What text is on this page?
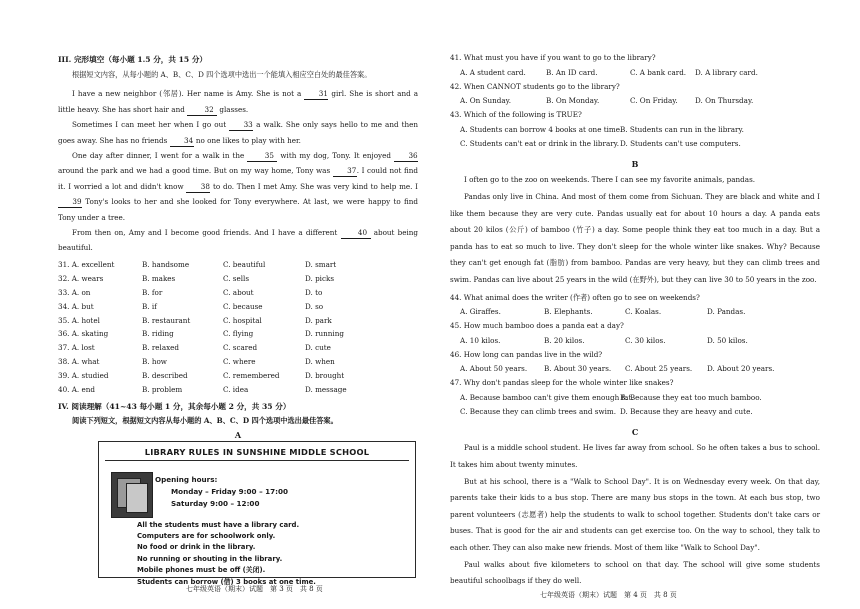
III. 完形填空（每小题 1.5 分，共 15 分）

根据短文内容，从每小题的 A、B、C、D 四个选项中选出一个能填入相应空白处的最佳答案。

I have a new neighbor (邻居). Her name is Amy. She is not a 31 girl. She is short and a little heavy. She has short hair and 32 glasses.

Sometimes I can meet her when I go out 33 a walk. She only says hello to me and then goes away. She has no friends 34 no one likes to play with her.

One day after dinner, I went for a walk in the 35 with my dog, Tony. It enjoyed 36 around the park and we had a good time. But on my way home, Tony was 37. I could not find it. I worried a lot and didn't know 38 to do. Then I met Amy. She was very kind to help me. I 39 Tony's looks to her and she looked for Tony everywhere. At last, we were happy to find Tony under a tree.

From then on, Amy and I become good friends. And I have a different 40 about being beautiful.

31. A. excellent	B. handsome	C. beautiful	D. smart
32. A. wears	B. makes	C. sells	D. picks
33. A. on	B. for	C. about	D. to
34. A. but	B. if	C. because	D. so
35. A. hotel	B. restaurant	C. hospital	D. park
36. A. skating	B. riding	C. flying	D. running
37. A. lost	B. relaxed	C. scared	D. cute
38. A. what	B. how	C. where	D. when
39. A. studied	B. described	C. remembered	D. brought
40. A. end	B. problem	C. idea	D. message
IV. 阅读理解（41~43 每小题 1 分，其余每小题 2 分，共 35 分）
阅读下列短文，根据短文内容从每小题的 A、B、C、D 四个选项中选出最佳答案。
A
LIBRARY RULES IN SUNSHINE MIDDLE SCHOOL
Opening hours:
Monday – Friday 9:00 – 17:00
Saturday 9:00 – 12:00
All the students must have a library card.
Computers are for schoolwork only.
No food or drink in the library.
No running or shouting in the library.
Mobile phones must be off (关闭).
Students can borrow (借) 3 books at one time.
七年级英语（期末）试题　第 3 页　共 8 页
41. What must you have if you want to go to the library?
A. A student card.	B. An ID card.	C. A bank card.	D. A library card.
42. When CANNOT students go to the library?
A. On Sunday.	B. On Monday.	C. On Friday.	D. On Thursday.
43. Which of the following is TRUE?
A. Students can borrow 4 books at one time.
B. Students can run in the library.
C. Students can't eat or drink in the library. D. Students can't use computers.
B

I often go to the zoo on weekends. There I can see my favorite animals, pandas.

Pandas only live in China. And most of them come from Sichuan. They are black and white and I like them because they are very cute. Pandas usually eat for about 10 hours a day. A panda eats about 20 kilos (公斤) of bamboo (竹子) a day. Some people think they eat too much in a day. But a panda has to eat so much to live. They don't sleep for the whole winter like snakes. Why? Because they can't get enough fat (脂肪) from bamboo. Pandas are very heavy, but they can climb trees and swim. Pandas can live about 25 years in the wild (在野外), but they can live 30 to 50 years in the zoo.

44. What animal does the writer (作者) often go to see on weekends?
A. Giraffes.	B. Elephants.	C. Koalas.	D. Pandas.
45. How much bamboo does a panda eat a day?
A. 10 kilos.	B. 20 kilos.	C. 30 kilos.	D. 50 kilos.
46. How long can pandas live in the wild?
A. About 50 years.	B. About 30 years.	C. About 25 years.	D. About 20 years.
47. Why don't pandas sleep for the whole winter like snakes?
A. Because bamboo can't give them enough fat.
B. Because they eat too much bamboo.
C. Because they can climb trees and swim. D. Because they are heavy and cute.
C

Paul is a middle school student. He lives far away from school. So he often takes a bus to school. It takes him about twenty minutes.

But at his school, there is a "Walk to School Day". It is on Wednesday every week. On that day, parents take their kids to a bus stop. There are many bus stops in the town. At each bus stop, two parent volunteers (志愿者) help the students to walk to school together. Students don't take cars or buses. That is good for the air and students can get exercise too. On the way to school, they talk to each other. They can also make new friends. Most of them like "Walk to School Day".

Paul walks about five kilometers to school on that day. The school will give some students beautiful schoolbags if they do well.

七年级英语（期末）试题　第 4 页　共 8 页
